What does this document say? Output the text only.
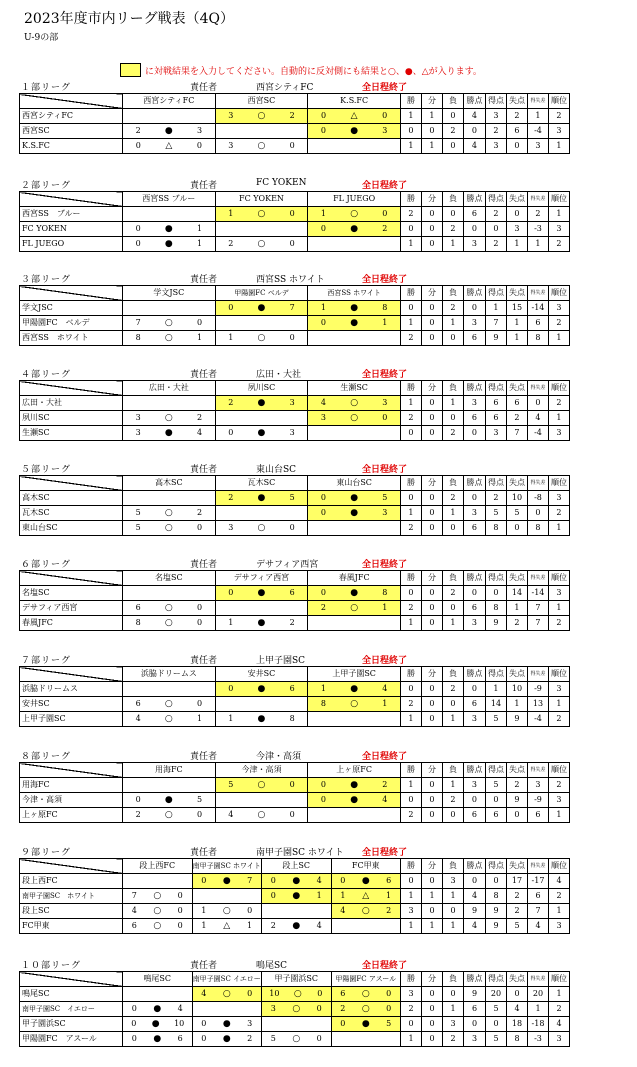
2023年度市内リーグ戦表（4Q）
U-9の部
に対戦結果を入力してください。自動的に反対側にも結果と○、●、△が入ります。
１部リーグ	責任者	西宮シティFC	全日程終了
	西宮シティFC	西宮SC	K.S.FC	勝	分	負	勝点	得点	失点	得失差	順位
西宮シティFC		3 ○ 2	0 △ 0	1	1	0	4	3	2	1	2
西宮SC	2 ● 3		0 ● 3	0	0	2	0	2	6	-4	3
K.S.FC	0 △ 0	3 ○ 0		1	1	0	4	3	0	3	1
２部リーグ	責任者	FC YOKEN	全日程終了
	西宮SS ブルー	FC YOKEN	FL JUEGO	勝	分	負	勝点	得点	失点	得失差	順位
西宮SS　ブルー		1 ○ 0	1 ○ 0	2	0	0	6	2	0	2	1
FC YOKEN	0 ● 1		0 ● 2	0	0	2	0	0	3	-3	3
FL JUEGO	0 ● 1	2 ○ 0		1	0	1	3	2	1	1	2
３部リーグ	責任者	西宮SS ホワイト	全日程終了
	学文JSC	甲陽園FC ベルデ	西宮SS ホワイト	勝	分	負	勝点	得点	失点	得失差	順位
学文JSC		0 ● 7	1 ● 8	0	0	2	0	1	15	-14	3
甲陽園FC　ベルデ	7 ○ 0		0 ● 1	1	0	1	3	7	1	6	2
西宮SS　ホワイト	8 ○ 1	1 ○ 0		2	0	0	6	9	1	8	1
４部リーグ	責任者	広田・大社	全日程終了
	広田・大社	夙川SC	生瀬SC	勝	分	負	勝点	得点	失点	得失差	順位
広田・大社		2 ● 3	4 ○ 3	1	0	1	3	6	6	0	2
夙川SC	3 ○ 2		3 ○ 0	2	0	0	6	6	2	4	1
生瀬SC	3 ● 4	0 ● 3		0	0	2	0	3	7	-4	3
５部リーグ	責任者	東山台SC	全日程終了
	高木SC	瓦木SC	東山台SC	勝	分	負	勝点	得点	失点	得失差	順位
高木SC		2 ● 5	0 ● 5	0	0	2	0	2	10	-8	3
瓦木SC	5 ○ 2		0 ● 3	1	0	1	3	5	5	0	2
東山台SC	5 ○ 0	3 ○ 0		2	0	0	6	8	0	8	1
６部リーグ	責任者	デサフィア西宮	全日程終了
	名塩SC	デサフィア西宮	春風JFC	勝	分	負	勝点	得点	失点	得失差	順位
名塩SC		0 ● 6	0 ● 8	0	0	2	0	0	14	-14	3
デサフィア西宮	6 ○ 0		2 ○ 1	2	0	0	6	8	1	7	1
春風JFC	8 ○ 0	1 ● 2		1	0	1	3	9	2	7	2
７部リーグ	責任者	上甲子園SC	全日程終了
	浜脇ドリームス	安井SC	上甲子園SC	勝	分	負	勝点	得点	失点	得失差	順位
浜脇ドリームス		0 ● 6	1 ● 4	0	0	2	0	1	10	-9	3
安井SC	6 ○ 0		8 ○ 1	2	0	0	6	14	1	13	1
上甲子園SC	4 ○ 1	1 ● 8		1	0	1	3	5	9	-4	2
８部リーグ	責任者	今津・高須	全日程終了
	用海FC	今津・高須	上ヶ原FC	勝	分	負	勝点	得点	失点	得失差	順位
用海FC		5 ○ 0	0 ● 2	1	0	1	3	5	2	3	2
今津・高須	0 ● 5		0 ● 4	0	0	2	0	0	9	-9	3
上ヶ原FC	2 ○ 0	4 ○ 0		2	0	0	6	6	0	6	1
９部リーグ	責任者	南甲子園SC ホワイト 全日程終了
	段上西FC	南甲子園SC ホワイト	段上SC	FC甲東	勝	分	負	勝点	得点	失点	得失差	順位
段上西FC		0 ● 7	0 ● 4	0 ● 6	0	0	3	0	0	17	-17	4
南甲子園SC　ホワイト	7 ○ 0		0 ● 1	1 △ 1	1	1	1	4	8	2	6	2
段上SC	4 ○ 0	1 ○ 0		4 ○ 2	3	0	0	9	9	2	7	1
FC甲東	6 ○ 0	1 △ 1	2 ● 4		1	1	1	4	9	5	4	3
１０部リーグ	責任者	鳴尾SC	全日程終了
	鳴尾SC	南甲子園SC イエロー	甲子園浜SC	甲陽園FC アスール	勝	分	負	勝点	得点	失点	得失差	順位
鳴尾SC		4 ○ 0	10 ○ 0	6 ○ 0	3	0	0	9	20	0	20	1
南甲子園SC　イエロー	0 ● 4		3 ○ 0	2 ○ 0	2	0	1	6	5	4	1	2
甲子園浜SC	0 ● 10	0 ● 3		0 ● 5	0	0	3	0	0	18	-18	4
甲陽園FC　アスール	0 ● 6	0 ● 2	5 ○ 0		1	0	2	3	5	8	-3	3
